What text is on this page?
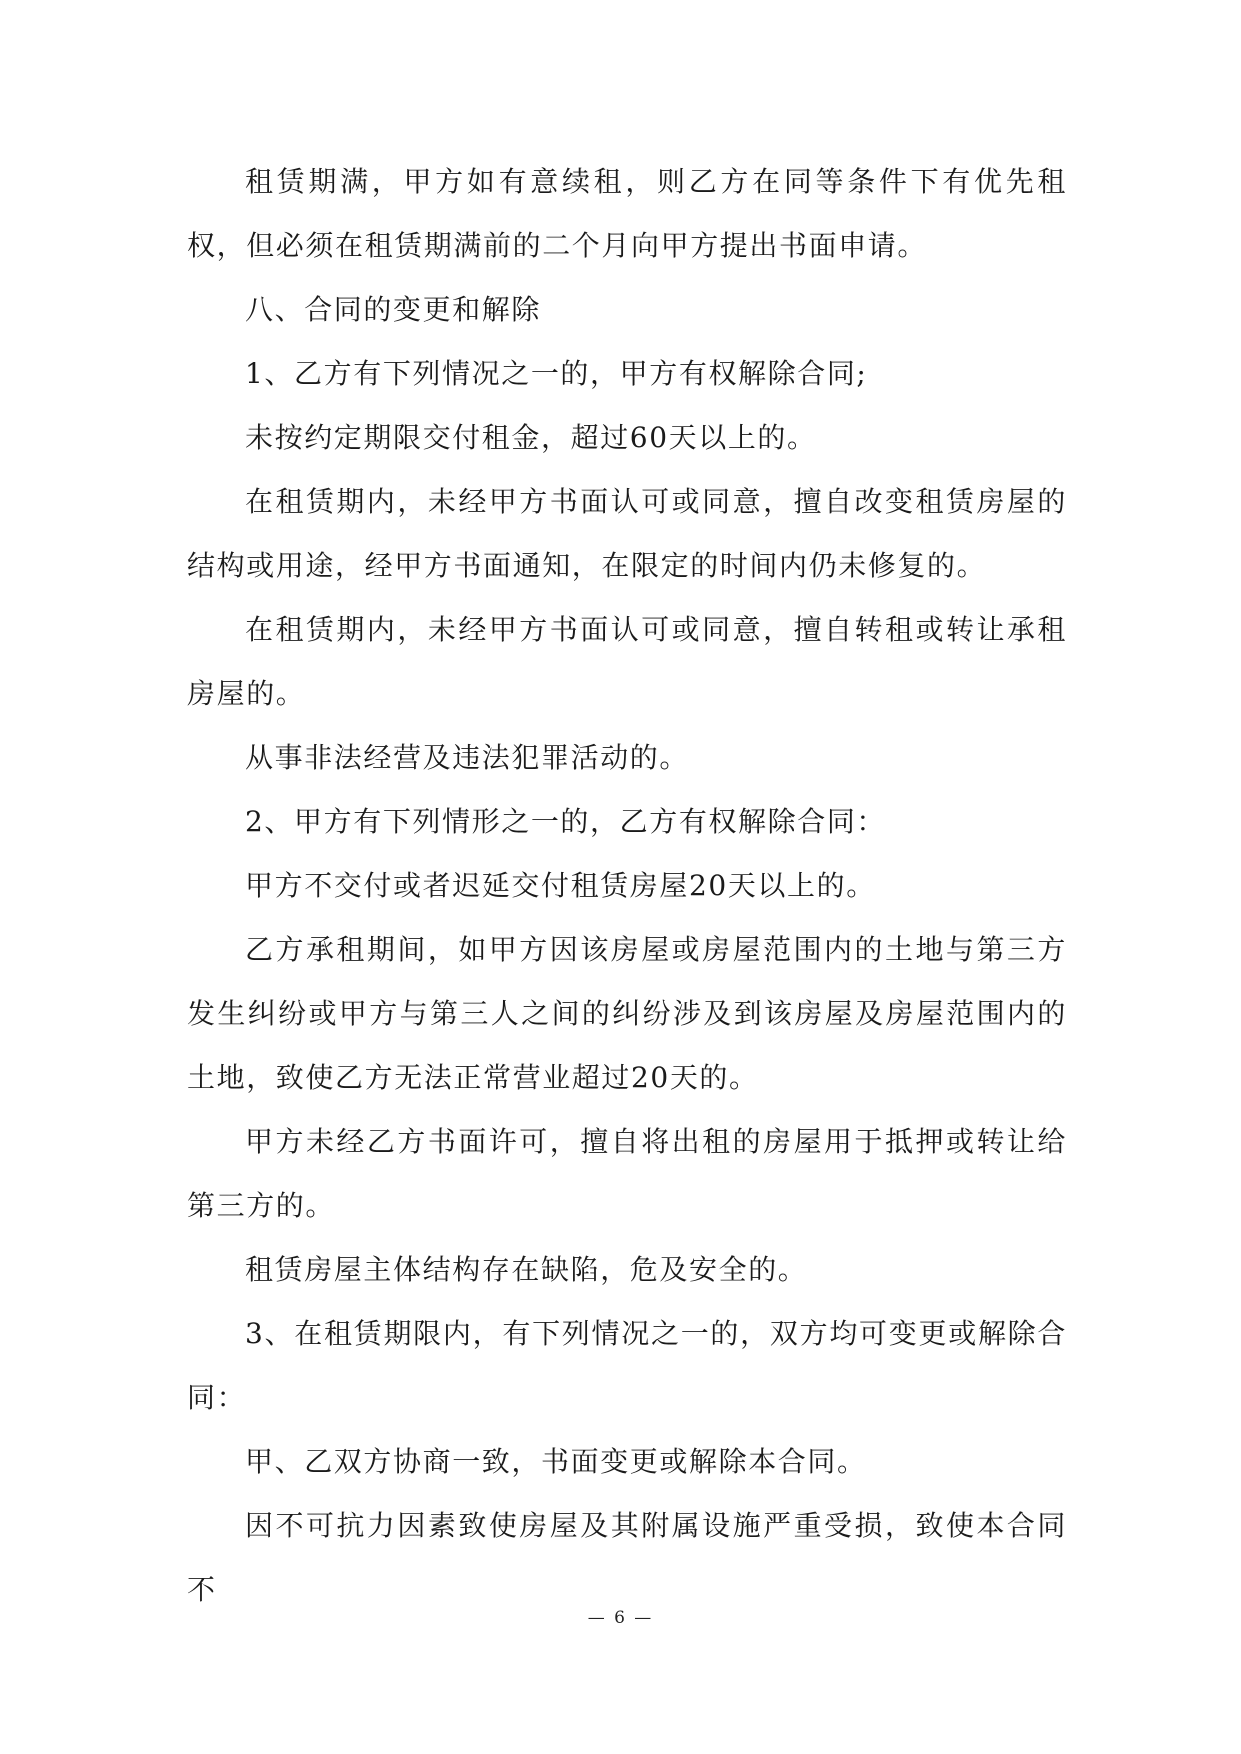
租赁期满，甲方如有意续租，则乙方在同等条件下有优先租权，但必须在租赁期满前的二个月向甲方提出书面申请。

八、合同的变更和解除

1、乙方有下列情况之一的，甲方有权解除合同;

未按约定期限交付租金，超过60天以上的。

在租赁期内，未经甲方书面认可或同意，擅自改变租赁房屋的结构或用途，经甲方书面通知，在限定的时间内仍未修复的。

在租赁期内，未经甲方书面认可或同意，擅自转租或转让承租房屋的。

从事非法经营及违法犯罪活动的。

2、甲方有下列情形之一的，乙方有权解除合同：

甲方不交付或者迟延交付租赁房屋20天以上的。

乙方承租期间，如甲方因该房屋或房屋范围内的土地与第三方发生纠纷或甲方与第三人之间的纠纷涉及到该房屋及房屋范围内的土地，致使乙方无法正常营业超过20天的。

甲方未经乙方书面许可，擅自将出租的房屋用于抵押或转让给第三方的。

租赁房屋主体结构存在缺陷，危及安全的。

3、在租赁期限内，有下列情况之一的，双方均可变更或解除合同：

甲、乙双方协商一致，书面变更或解除本合同。

因不可抗力因素致使房屋及其附属设施严重受损，致使本合同不

— 6 —
